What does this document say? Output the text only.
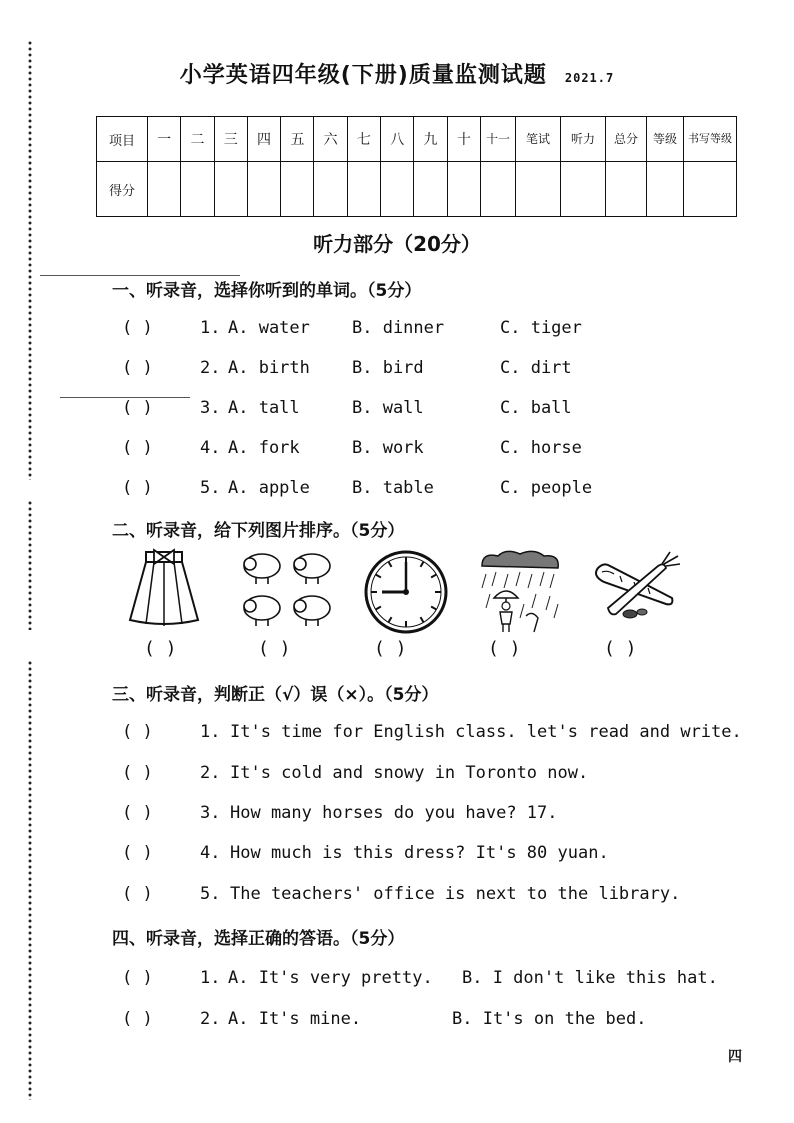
小学英语四年级(下册)质量监测试题 2021.7
项目	一	二	三	四	五	六	七	八	九	十	十一	笔试	听力	总分	等级	书写等级
得分																
听力部分（20分）
一、听录音，选择你听到的单词。（5分）
( )	1. A. water B. dinner	C. tiger
( )	2. A. birth B. bird	C. dirt
( )	3. A. tall	B. wall	C. ball
( )	4. A. fork	B. work	C. horse
( )	5. A. apple B. table	C. people
二、听录音，给下列图片排序。（5分）
( )	( )	( )	( )	( )
三、听录音，判断正（√）误（×）。（5分）
( )	1. It's time for English class. let's read and write.
( )	2. It's cold and snowy in Toronto now.
( )	3. How many horses do you have? 17.
( )	4. How much is this dress? It's 80 yuan.
( )	5. The teachers' office is next to the library.
四、听录音，选择正确的答语。（5分）
( )	1. A. It's very pretty. B. I don't like this hat.
( )	2. A. It's mine.	B. It's on the bed.
四
